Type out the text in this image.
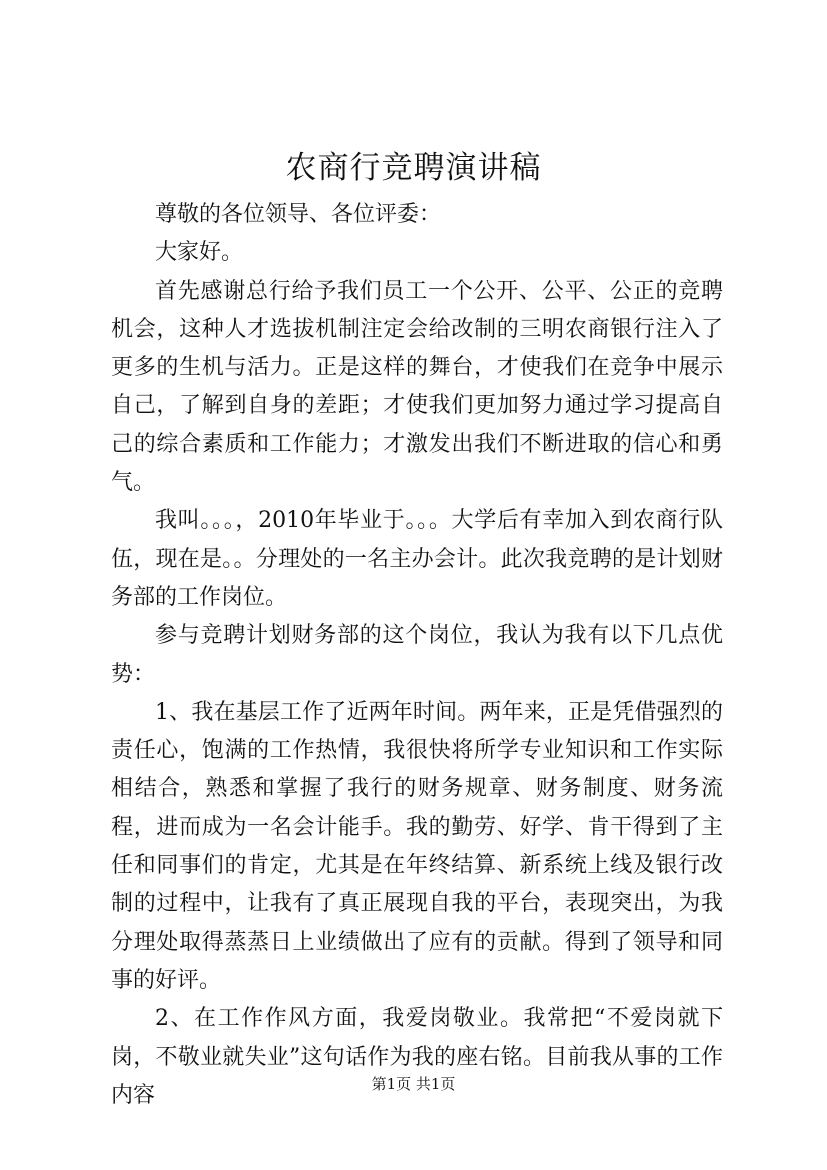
农商行竞聘演讲稿

尊敬的各位领导、各位评委：

大家好。

首先感谢总行给予我们员工一个公开、公平、公正的竞聘机会，这种人才选拔机制注定会给改制的三明农商银行注入了更多的生机与活力。正是这样的舞台，才使我们在竞争中展示自己，了解到自身的差距；才使我们更加努力通过学习提高自己的综合素质和工作能力；才激发出我们不断进取的信心和勇气。

我叫。。。，2010年毕业于。。。大学后有幸加入到农商行队伍，现在是。。分理处的一名主办会计。此次我竞聘的是计划财务部的工作岗位。

参与竞聘计划财务部的这个岗位，我认为我有以下几点优势：

1、我在基层工作了近两年时间。两年来，正是凭借强烈的责任心，饱满的工作热情，我很快将所学专业知识和工作实际相结合，熟悉和掌握了我行的财务规章、财务制度、财务流程，进而成为一名会计能手。我的勤劳、好学、肯干得到了主任和同事们的肯定，尤其是在年终结算、新系统上线及银行改制的过程中，让我有了真正展现自我的平台，表现突出，为我分理处取得蒸蒸日上业绩做出了应有的贡献。得到了领导和同事的好评。

2、在工作作风方面，我爱岗敬业。我常把“不爱岗就下岗，不敬业就失业”这句话作为我的座右铭。目前我从事的工作内容	第1页 共1页
